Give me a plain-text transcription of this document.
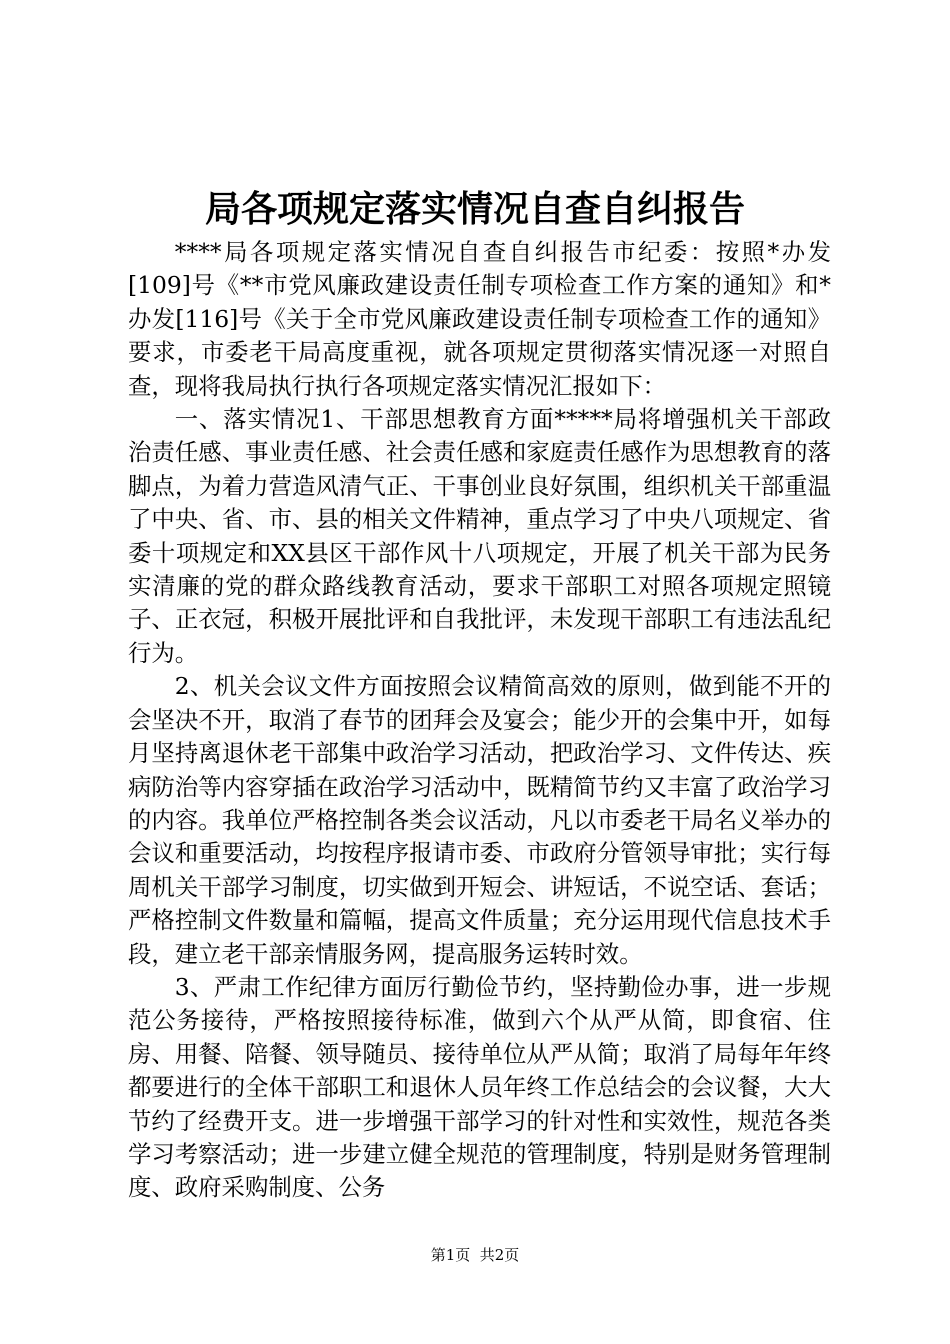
局各项规定落实情况自查自纠报告

****局各项规定落实情况自查自纠报告市纪委：按照*办发[109]号《**市党风廉政建设责任制专项检查工作方案的通知》和*办发[116]号《关于全市党风廉政建设责任制专项检查工作的通知》要求，市委老干局高度重视，就各项规定贯彻落实情况逐一对照自查，现将我局执行执行各项规定落实情况汇报如下：

一、落实情况1、干部思想教育方面*****局将增强机关干部政治责任感、事业责任感、社会责任感和家庭责任感作为思想教育的落脚点，为着力营造风清气正、干事创业良好氛围，组织机关干部重温了中央、省、市、县的相关文件精神，重点学习了中央八项规定、省委十项规定和XX县区干部作风十八项规定，开展了机关干部为民务实清廉的党的群众路线教育活动，要求干部职工对照各项规定照镜子、正衣冠，积极开展批评和自我批评，未发现干部职工有违法乱纪行为。

2、机关会议文件方面按照会议精简高效的原则，做到能不开的会坚决不开，取消了春节的团拜会及宴会；能少开的会集中开，如每月坚持离退休老干部集中政治学习活动，把政治学习、文件传达、疾病防治等内容穿插在政治学习活动中，既精简节约又丰富了政治学习的内容。我单位严格控制各类会议活动，凡以市委老干局名义举办的会议和重要活动，均按程序报请市委、市政府分管领导审批；实行每周机关干部学习制度，切实做到开短会、讲短话，不说空话、套话；严格控制文件数量和篇幅，提高文件质量；充分运用现代信息技术手段，建立老干部亲情服务网，提高服务运转时效。

3、严肃工作纪律方面厉行勤俭节约，坚持勤俭办事，进一步规范公务接待，严格按照接待标准，做到六个从严从简，即食宿、住房、用餐、陪餐、领导随员、接待单位从严从简；取消了局每年年终都要进行的全体干部职工和退休人员年终工作总结会的会议餐，大大节约了经费开支。进一步增强干部学习的针对性和实效性，规范各类学习考察活动；进一步建立健全规范的管理制度，特别是财务管理制度、政府采购制度、公务

第1页  共2页
